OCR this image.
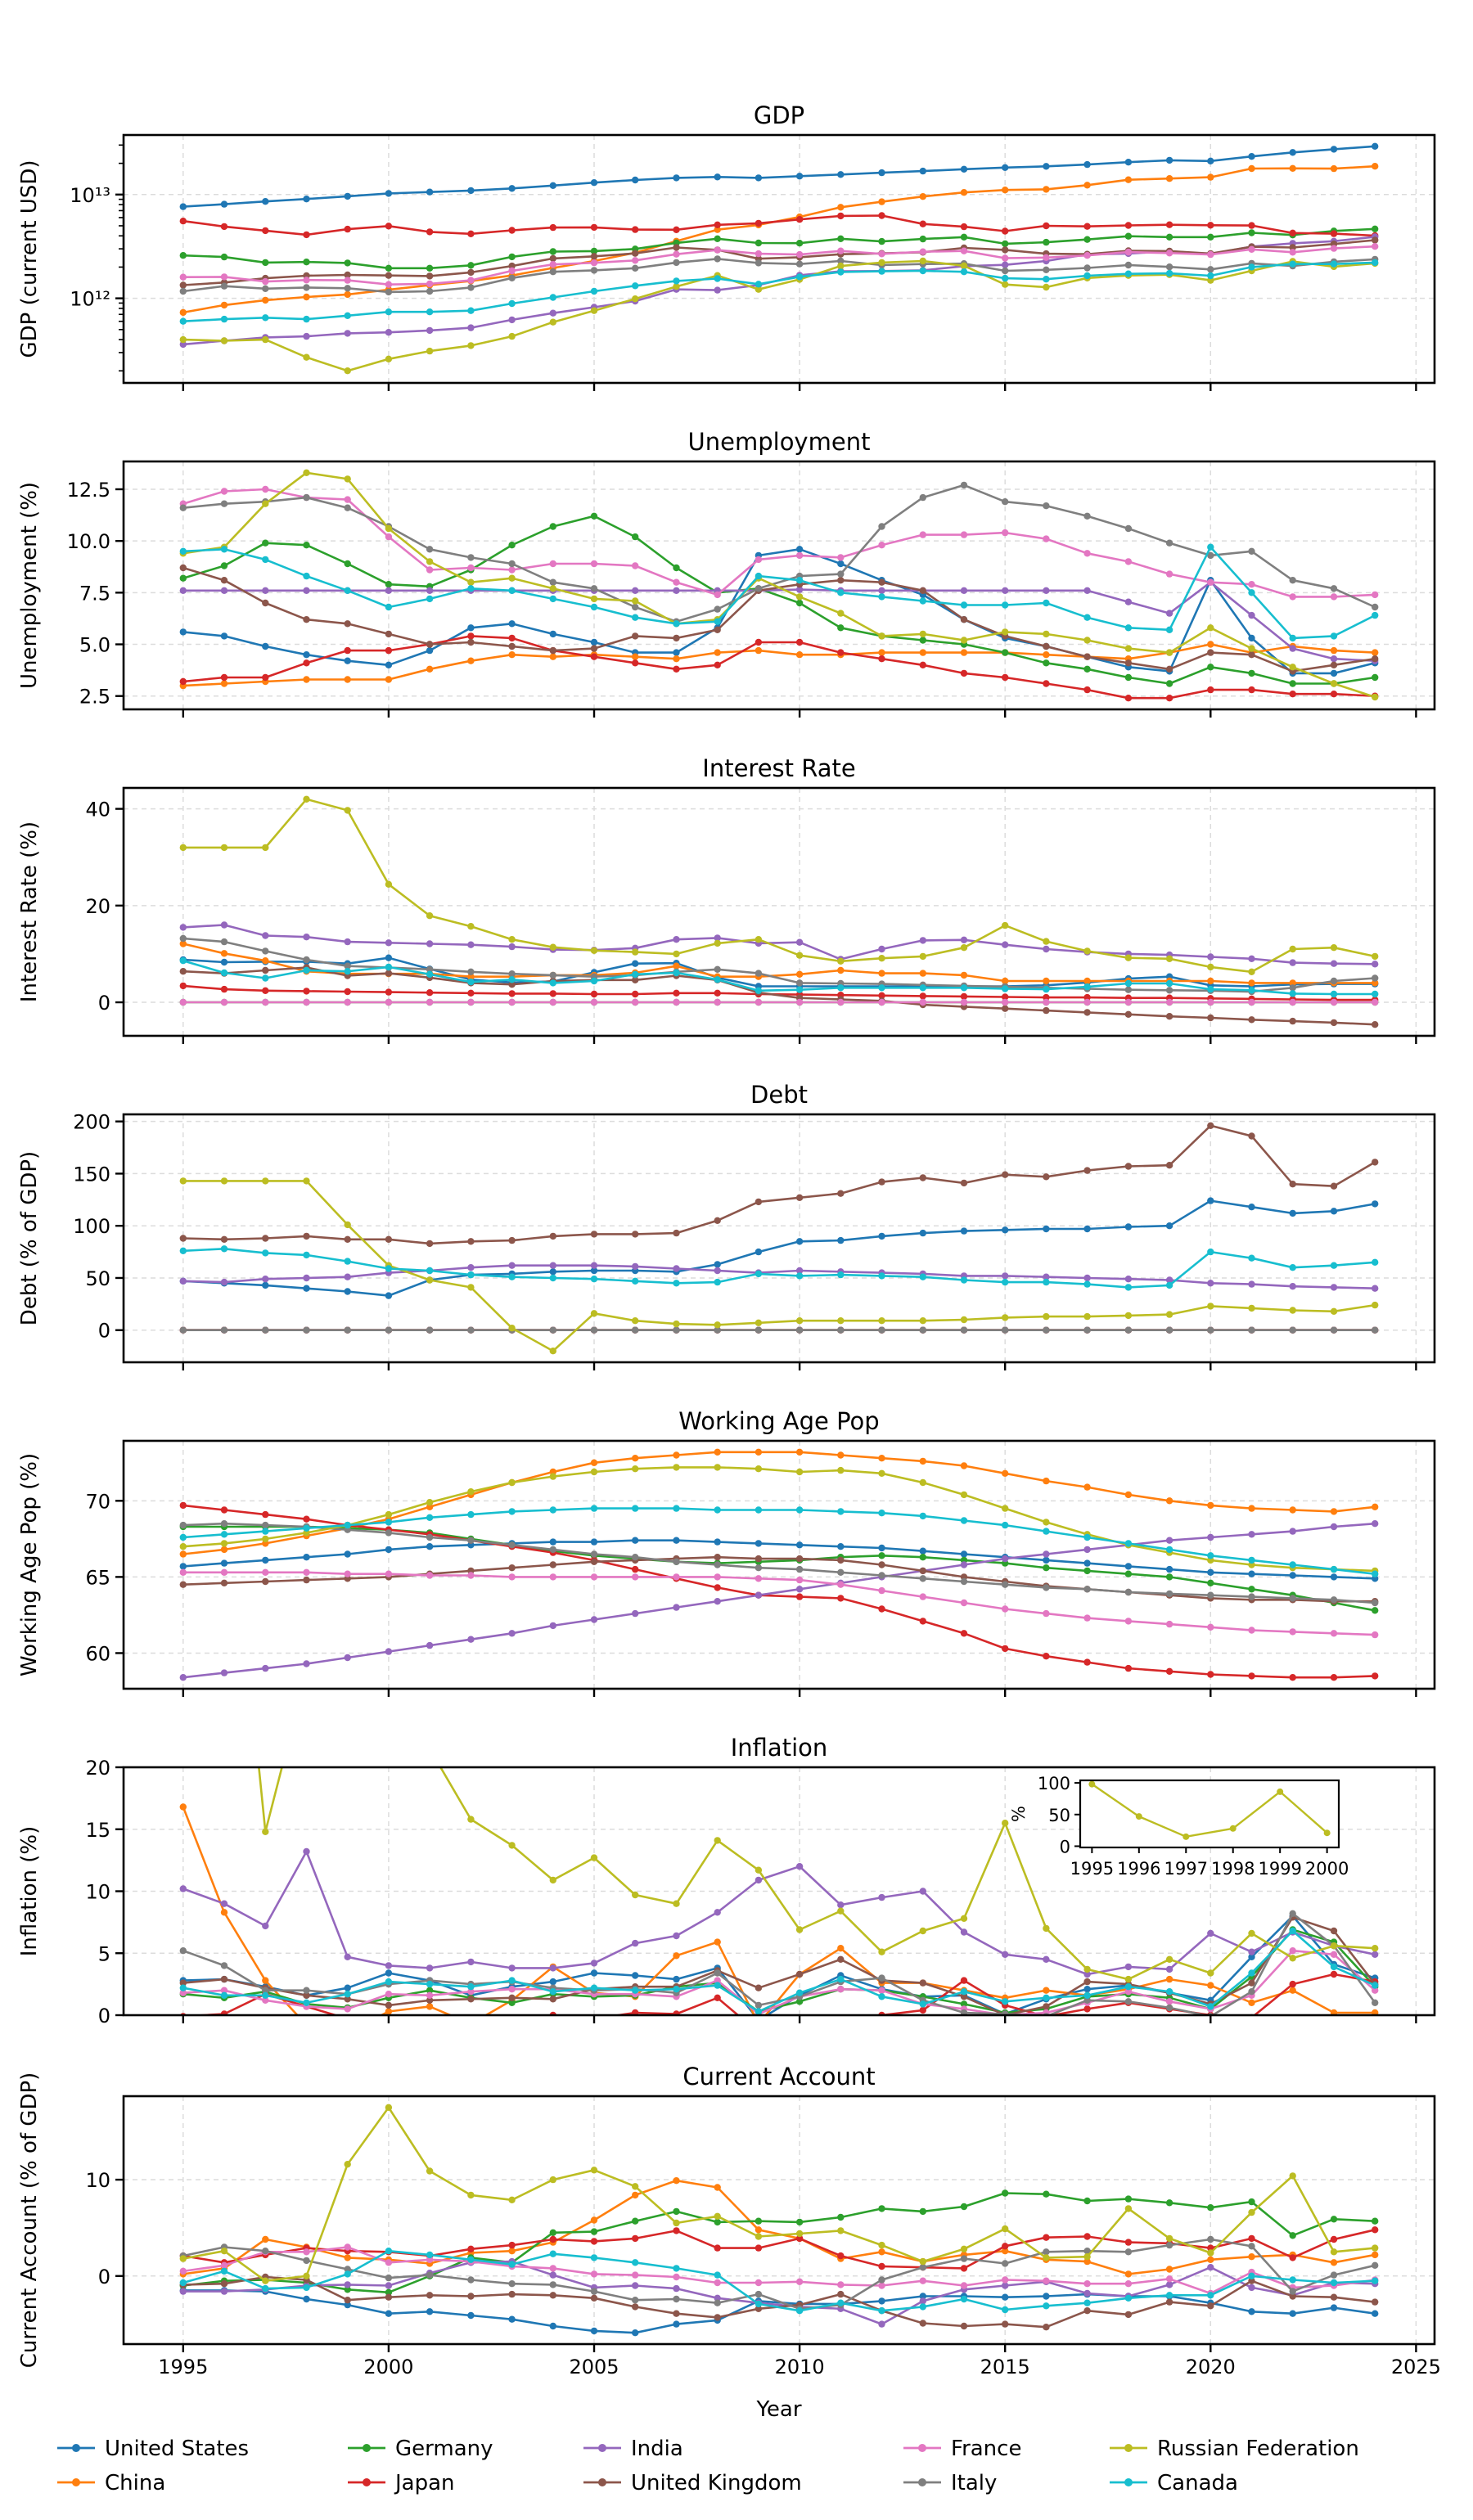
10¹²
10¹³
GDP
GDP (current USD)
2.5
5.0
7.5
10.0
12.5
Unemployment
Unemployment (%)
0
20
40
Interest Rate
Interest Rate (%)
0
50
100
150
200
Debt
Debt (% of GDP)
60
65
70
Working Age Pop
Working Age Pop (%)
0
5
10
15
20
Inflation
Inflation (%)	1995 1996 1997 1998 1999 2000
0
50
100
%
0
10
Current Account
Current Account (% of GDP)	1995	2000	2005	2010	2015	2020	2025
Year
United States	Germany	India	France	Russian Federation
China	Japan	United Kingdom	Italy	Canada
